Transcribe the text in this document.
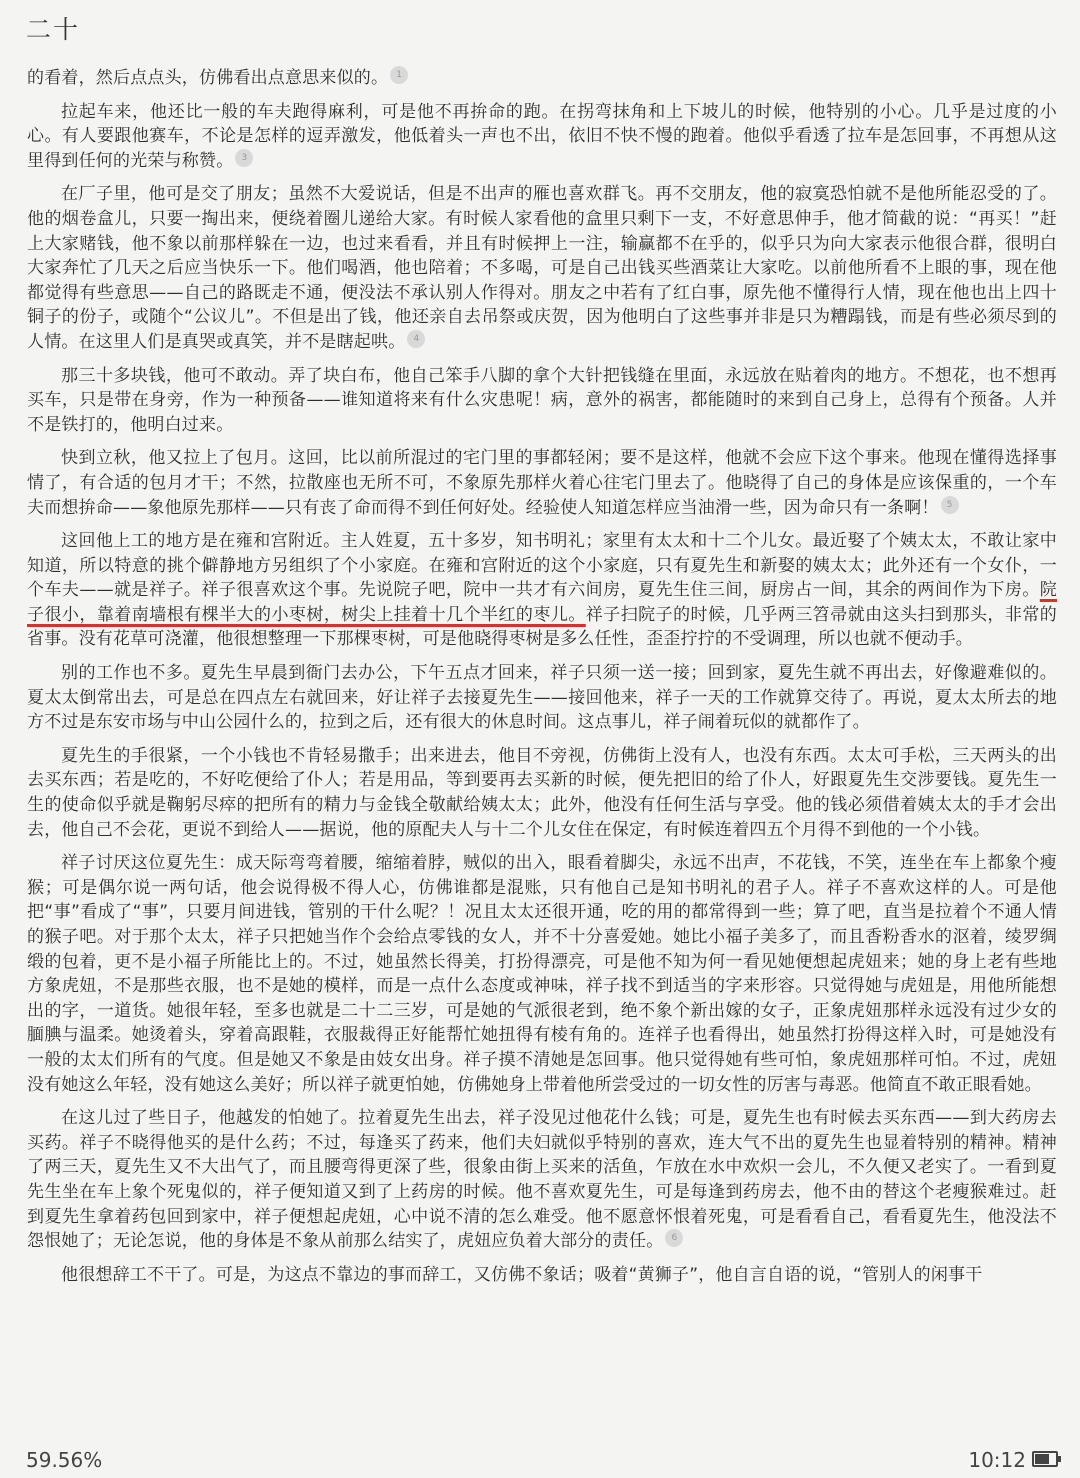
二十

的看着，然后点点头，仿佛看出点意思来似的。 1

拉起车来，他还比一般的车夫跑得麻利，可是他不再拚命的跑。在拐弯抹角和上下坡儿的时候，他特别的小心。几乎是过度的小心。有人要跟他赛车，不论是怎样的逗弄激发，他低着头一声也不出，依旧不快不慢的跑着。他似乎看透了拉车是怎回事，不再想从这里得到任何的光荣与称赞。 3

在厂子里，他可是交了朋友；虽然不大爱说话，但是不出声的雁也喜欢群飞。再不交朋友，他的寂寞恐怕就不是他所能忍受的了。他的烟卷盒儿，只要一掏出来，便绕着圈儿递给大家。有时候人家看他的盒里只剩下一支，不好意思伸手，他才简截的说：“再买！”赶上大家赌钱，他不象以前那样躲在一边，也过来看看，并且有时候押上一注，输赢都不在乎的，似乎只为向大家表示他很合群，很明白大家奔忙了几天之后应当快乐一下。他们喝酒，他也陪着；不多喝，可是自己出钱买些酒菜让大家吃。以前他所看不上眼的事，现在他都觉得有些意思——自己的路既走不通，便没法不承认别人作得对。朋友之中若有了红白事，原先他不懂得行人情，现在他也出上四十铜子的份子，或随个“公议儿”。不但是出了钱，他还亲自去吊祭或庆贺，因为他明白了这些事并非是只为糟蹋钱，而是有些必须尽到的人情。在这里人们是真哭或真笑，并不是瞎起哄。 4

那三十多块钱，他可不敢动。弄了块白布，他自己笨手八脚的拿个大针把钱缝在里面，永远放在贴着肉的地方。不想花，也不想再买车，只是带在身旁，作为一种预备——谁知道将来有什么灾患呢！病，意外的祸害，都能随时的来到自己身上，总得有个预备。人并不是铁打的，他明白过来。

快到立秋，他又拉上了包月。这回，比以前所混过的宅门里的事都轻闲；要不是这样，他就不会应下这个事来。他现在懂得选择事情了，有合适的包月才干；不然，拉散座也无所不可，不象原先那样火着心往宅门里去了。他晓得了自己的身体是应该保重的，一个车夫而想拚命——象他原先那样——只有丧了命而得不到任何好处。经验使人知道怎样应当油滑一些，因为命只有一条啊！ 5

这回他上工的地方是在雍和宫附近。主人姓夏，五十多岁，知书明礼；家里有太太和十二个儿女。最近娶了个姨太太，不敢让家中知道，所以特意的挑个僻静地方另组织了个小家庭。在雍和宫附近的这个小家庭，只有夏先生和新娶的姨太太；此外还有一个女仆，一个车夫——就是祥子。祥子很喜欢这个事。先说院子吧，院中一共才有六间房，夏先生住三间，厨房占一间，其余的两间作为下房。院子很小，靠着南墙根有棵半大的小枣树，树尖上挂着十几个半红的枣儿。祥子扫院子的时候，几乎两三笤帚就由这头扫到那头，非常的省事。没有花草可浇灌，他很想整理一下那棵枣树，可是他晓得枣树是多么任性，歪歪拧拧的不受调理，所以也就不便动手。

别的工作也不多。夏先生早晨到衙门去办公，下午五点才回来，祥子只须一送一接；回到家，夏先生就不再出去，好像避难似的。夏太太倒常出去，可是总在四点左右就回来，好让祥子去接夏先生——接回他来，祥子一天的工作就算交待了。再说，夏太太所去的地方不过是东安市场与中山公园什么的，拉到之后，还有很大的休息时间。这点事儿，祥子闹着玩似的就都作了。

夏先生的手很紧，一个小钱也不肯轻易撒手；出来进去，他目不旁视，仿佛街上没有人，也没有东西。太太可手松，三天两头的出去买东西；若是吃的，不好吃便给了仆人；若是用品，等到要再去买新的时候，便先把旧的给了仆人，好跟夏先生交涉要钱。夏先生一生的使命似乎就是鞠躬尽瘁的把所有的精力与金钱全敬献给姨太太；此外，他没有任何生活与享受。他的钱必须借着姨太太的手才会出去，他自己不会花，更说不到给人——据说，他的原配夫人与十二个儿女住在保定，有时候连着四五个月得不到他的一个小钱。

祥子讨厌这位夏先生：成天际弯弯着腰，缩缩着脖，贼似的出入，眼看着脚尖，永远不出声，不花钱，不笑，连坐在车上都象个瘦猴；可是偶尔说一两句话，他会说得极不得人心，仿佛谁都是混账，只有他自己是知书明礼的君子人。祥子不喜欢这样的人。可是他把“事”看成了“事”，只要月间进钱，管别的干什么呢？！况且太太还很开通，吃的用的都常得到一些；算了吧，直当是拉着个不通人情的猴子吧。对于那个太太，祥子只把她当作个会给点零钱的女人，并不十分喜爱她。她比小福子美多了，而且香粉香水的沤着，绫罗绸缎的包着，更不是小福子所能比上的。不过，她虽然长得美，打扮得漂亮，可是他不知为何一看见她便想起虎妞来；她的身上老有些地方象虎妞，不是那些衣服，也不是她的模样，而是一点什么态度或神味，祥子找不到适当的字来形容。只觉得她与虎妞是，用他所能想出的字，一道货。她很年轻，至多也就是二十二三岁，可是她的气派很老到，绝不象个新出嫁的女子，正象虎妞那样永远没有过少女的腼腆与温柔。她烫着头，穿着高跟鞋，衣服裁得正好能帮忙她扭得有棱有角的。连祥子也看得出，她虽然打扮得这样入时，可是她没有一般的太太们所有的气度。但是她又不象是由妓女出身。祥子摸不清她是怎回事。他只觉得她有些可怕，象虎妞那样可怕。不过，虎妞没有她这么年轻，没有她这么美好；所以祥子就更怕她，仿佛她身上带着他所尝受过的一切女性的厉害与毒恶。他简直不敢正眼看她。

在这儿过了些日子，他越发的怕她了。拉着夏先生出去，祥子没见过他花什么钱；可是，夏先生也有时候去买东西——到大药房去买药。祥子不晓得他买的是什么药；不过，每逢买了药来，他们夫妇就似乎特别的喜欢，连大气不出的夏先生也显着特别的精神。精神了两三天，夏先生又不大出气了，而且腰弯得更深了些，很象由街上买来的活鱼，乍放在水中欢炽一会儿，不久便又老实了。一看到夏先生坐在车上象个死鬼似的，祥子便知道又到了上药房的时候。他不喜欢夏先生，可是每逢到药房去，他不由的替这个老瘦猴难过。赶到夏先生拿着药包回到家中，祥子便想起虎妞，心中说不清的怎么难受。他不愿意怀恨着死鬼，可是看看自己，看看夏先生，他没法不怨恨她了；无论怎说，他的身体是不象从前那么结实了，虎妞应负着大部分的责任。 6

他很想辞工不干了。可是，为这点不靠边的事而辞工，又仿佛不象话；吸着“黄狮子”，他自言自语的说，“管别人的闲事干

59.56%	10:12
